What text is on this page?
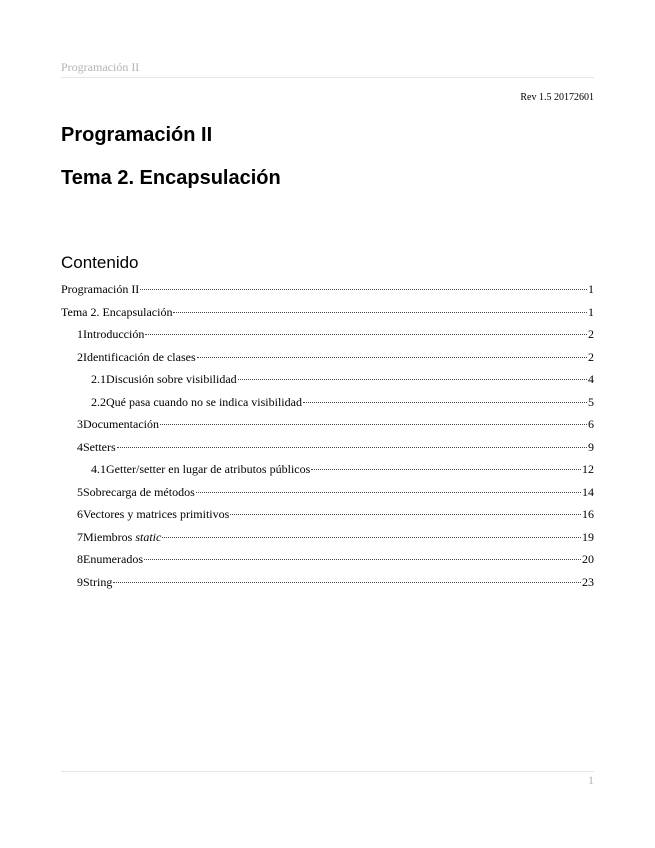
Programación II
Rev 1.5 20172601
Programación II
Tema 2. Encapsulación
Contenido
Programación II	1
Tema 2. Encapsulación	1
1Introducción	2
2Identificación de clases	2
2.1Discusión sobre visibilidad	4
2.2Qué pasa cuando no se indica visibilidad	5
3Documentación	6
4Setters	9
4.1Getter/setter en lugar de atributos públicos	12
5Sobrecarga de métodos	14
6Vectores y matrices primitivos	16
7Miembros static	19
8Enumerados	20
9String	23
1
